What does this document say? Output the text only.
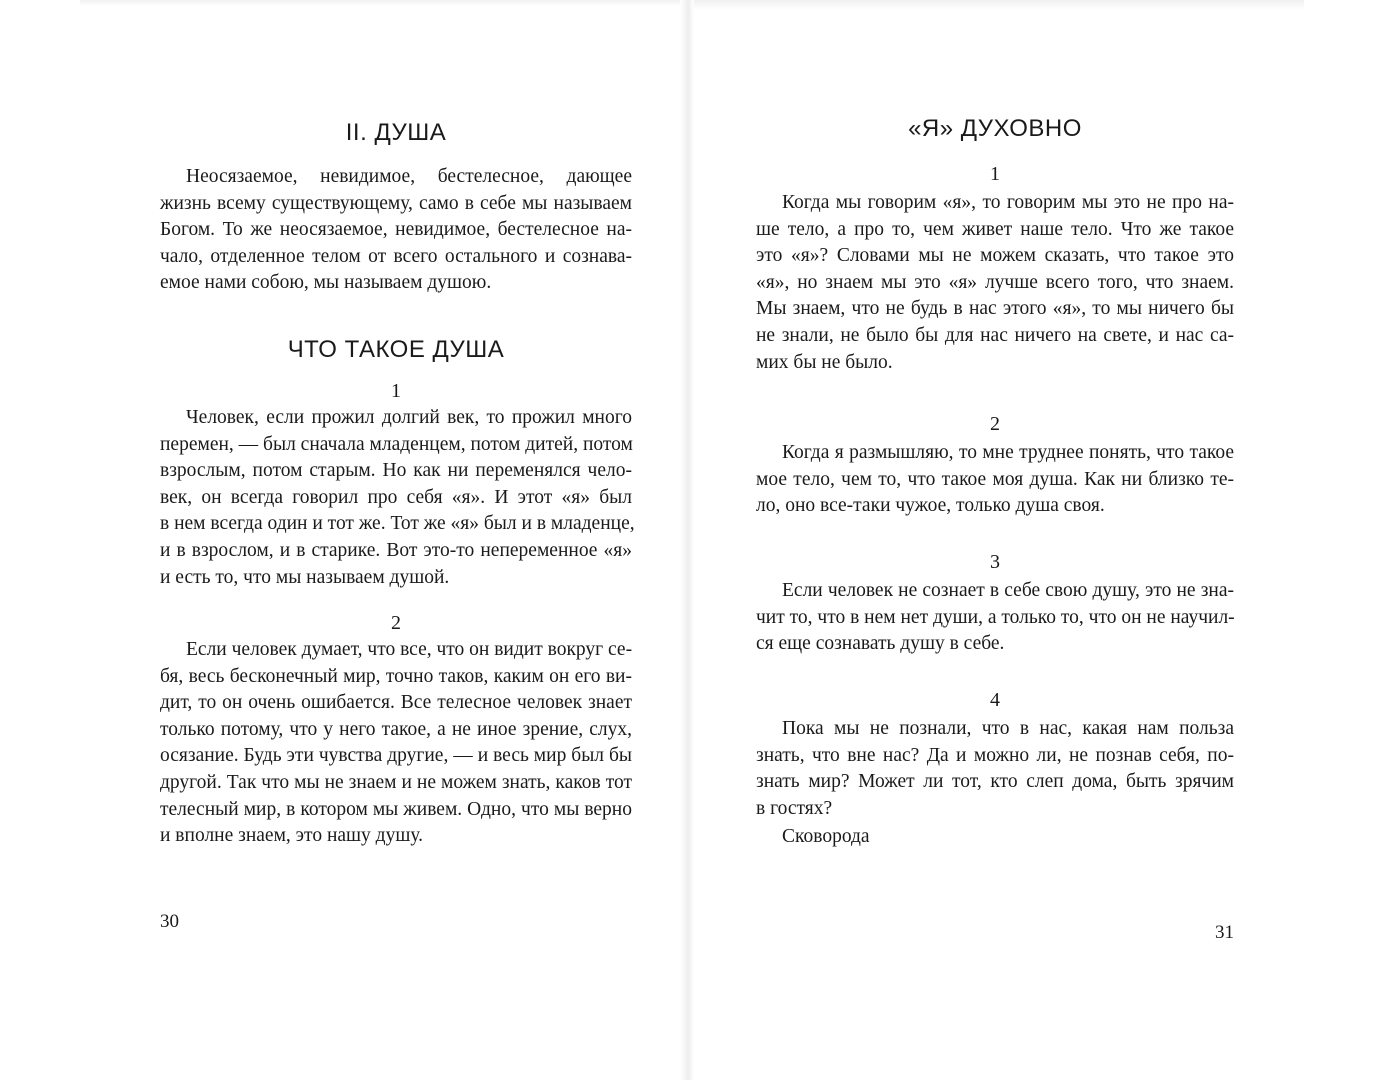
II. ДУША
Неосязаемое, невидимое, бестелесное, дающее
жизнь всему существующему, само в себе мы называем
Богом. То же неосязаемое, невидимое, бестелесное на-
чало, отделенное телом от всего остального и сознава-
емое нами собою, мы называем душою.
ЧТО ТАКОЕ ДУША

1

Человек, если прожил долгий век, то прожил много
перемен, — был сначала младенцем, потом дитей, потом
взрослым, потом старым. Но как ни переменялся чело-
век, он всегда говорил про себя «я». И этот «я» был
в нем всегда один и тот же. Тот же «я» был и в младенце,
и в взрослом, и в старике. Вот это-то непеременное «я»
и есть то, что мы называем душой.

2

Если человек думает, что все, что он видит вокруг се-
бя, весь бесконечный мир, точно таков, каким он его ви-
дит, то он очень ошибается. Все телесное человек знает
только потому, что у него такое, а не иное зрение, слух,
осязание. Будь эти чувства другие, — и весь мир был бы
другой. Так что мы не знаем и не можем знать, каков тот
телесный мир, в котором мы живем. Одно, что мы верно
и вполне знаем, это нашу душу.

30

«Я» ДУХОВНО

1

Когда мы говорим «я», то говорим мы это не про на-
ше тело, а про то, чем живет наше тело. Что же такое
это «я»? Словами мы не можем сказать, что такое это
«я», но знаем мы это «я» лучше всего того, что знаем.
Мы знаем, что не будь в нас этого «я», то мы ничего бы
не знали, не было бы для нас ничего на свете, и нас са-
мих бы не было.

2

Когда я размышляю, то мне труднее понять, что такое
мое тело, чем то, что такое моя душа. Как ни близко те-
ло, оно все-таки чужое, только душа своя.

3

Если человек не сознает в себе свою душу, это не зна-
чит то, что в нем нет души, а только то, что он не научил-
ся еще сознавать душу в себе.

4

Пока мы не познали, что в нас, какая нам польза
знать, что вне нас? Да и можно ли, не познав себя, по-
знать мир? Может ли тот, кто слеп дома, быть зрячим
в гостях?

Сковорода

31
